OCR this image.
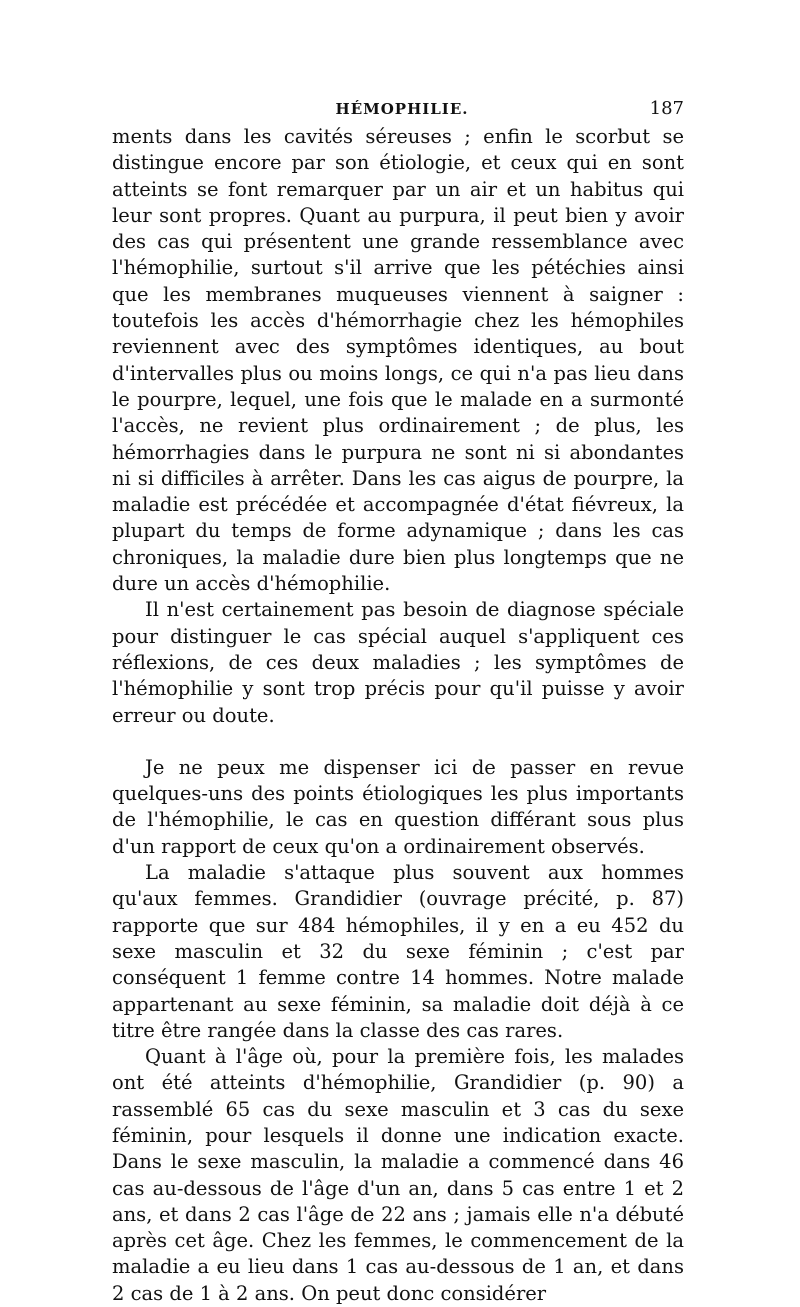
HÉMOPHILIE.	187

ments dans les cavités séreuses ; enfin le scorbut se distingue encore par son étiologie, et ceux qui en sont atteints se font remarquer par un air et un habitus qui leur sont propres. Quant au purpura, il peut bien y avoir des cas qui présentent une grande ressemblance avec l'hémophilie, surtout s'il arrive que les pétéchies ainsi que les membranes muqueuses viennent à saigner : toutefois les accès d'hémorrhagie chez les hémophiles reviennent avec des symptômes identiques, au bout d'intervalles plus ou moins longs, ce qui n'a pas lieu dans le pourpre, lequel, une fois que le malade en a surmonté l'accès, ne revient plus ordinairement ; de plus, les hémorrhagies dans le purpura ne sont ni si abondantes ni si difficiles à arrêter. Dans les cas aigus de pourpre, la maladie est précédée et accompagnée d'état fiévreux, la plupart du temps de forme adynamique ; dans les cas chroniques, la maladie dure bien plus longtemps que ne dure un accès d'hémophilie.

Il n'est certainement pas besoin de diagnose spéciale pour distinguer le cas spécial auquel s'appliquent ces réflexions, de ces deux maladies ; les symptômes de l'hémophilie y sont trop précis pour qu'il puisse y avoir erreur ou doute.

Je ne peux me dispenser ici de passer en revue quelques-uns des points étiologiques les plus importants de l'hémophilie, le cas en question différant sous plus d'un rapport de ceux qu'on a ordinairement observés.

La maladie s'attaque plus souvent aux hommes qu'aux femmes. Grandidier (ouvrage précité, p. 87) rapporte que sur 484 hémophiles, il y en a eu 452 du sexe masculin et 32 du sexe féminin ; c'est par conséquent 1 femme contre 14 hommes. Notre malade appartenant au sexe féminin, sa maladie doit déjà à ce titre être rangée dans la classe des cas rares.

Quant à l'âge où, pour la première fois, les malades ont été atteints d'hémophilie, Grandidier (p. 90) a rassemblé 65 cas du sexe masculin et 3 cas du sexe féminin, pour lesquels il donne une indication exacte. Dans le sexe masculin, la maladie a commencé dans 46 cas au-dessous de l'âge d'un an, dans 5 cas entre 1 et 2 ans, et dans 2 cas l'âge de 22 ans ; jamais elle n'a débuté après cet âge. Chez les femmes, le commencement de la maladie a eu lieu dans 1 cas au-dessous de 1 an, et dans 2 cas de 1 à 2 ans. On peut donc considérer
